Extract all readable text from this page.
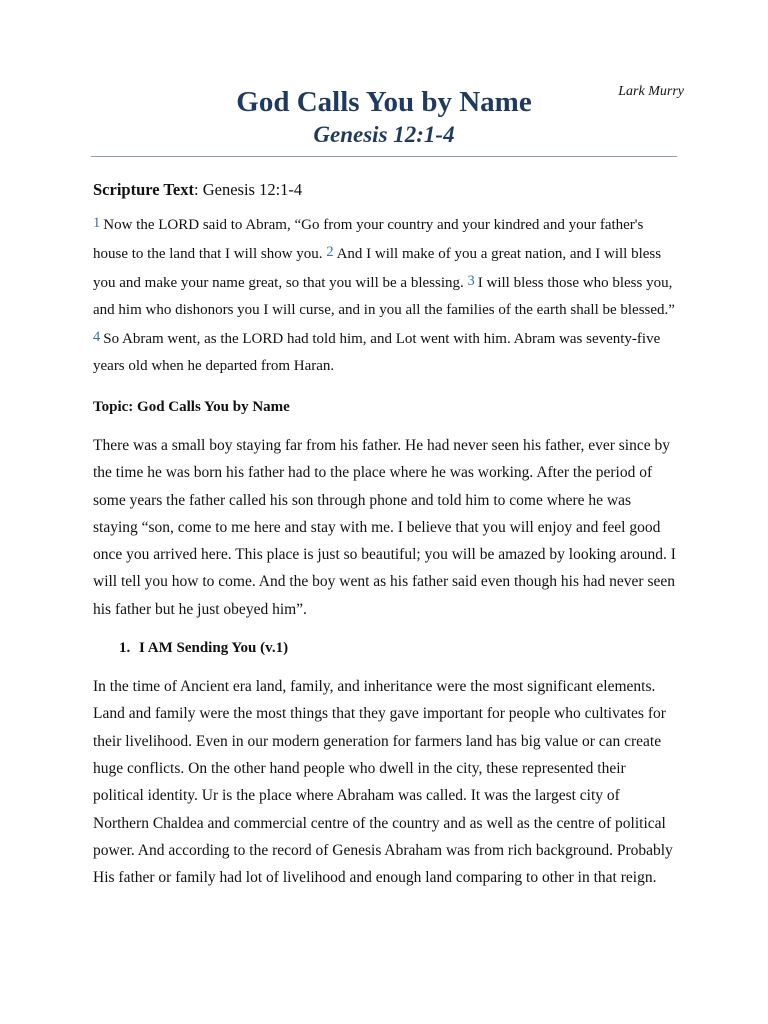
Lark Murry
God Calls You by Name
Genesis 12:1-4

Scripture Text: Genesis 12:1-4

1 Now the LORD said to Abram, “Go from your country and your kindred and your father's house to the land that I will show you. 2 And I will make of you a great nation, and I will bless you and make your name great, so that you will be a blessing. 3 I will bless those who bless you, and him who dishonors you I will curse, and in you all the families of the earth shall be blessed.” 4 So Abram went, as the LORD had told him, and Lot went with him. Abram was seventy-five years old when he departed from Haran.

Topic: God Calls You by Name

There was a small boy staying far from his father. He had never seen his father, ever since by the time he was born his father had to the place where he was working. After the period of some years the father called his son through phone and told him to come where he was staying “son, come to me here and stay with me. I believe that you will enjoy and feel good once you arrived here. This place is just so beautiful; you will be amazed by looking around. I will tell you how to come. And the boy went as his father said even though his had never seen his father but he just obeyed him”.

1. I AM Sending You (v.1)

In the time of Ancient era land, family, and inheritance were the most significant elements. Land and family were the most things that they gave important for people who cultivates for their livelihood. Even in our modern generation for farmers land has big value or can create huge conflicts. On the other hand people who dwell in the city, these represented their political identity. Ur is the place where Abraham was called. It was the largest city of Northern Chaldea and commercial centre of the country and as well as the centre of political power. And according to the record of Genesis Abraham was from rich background. Probably His father or family had lot of livelihood and enough land comparing to other in that reign.
